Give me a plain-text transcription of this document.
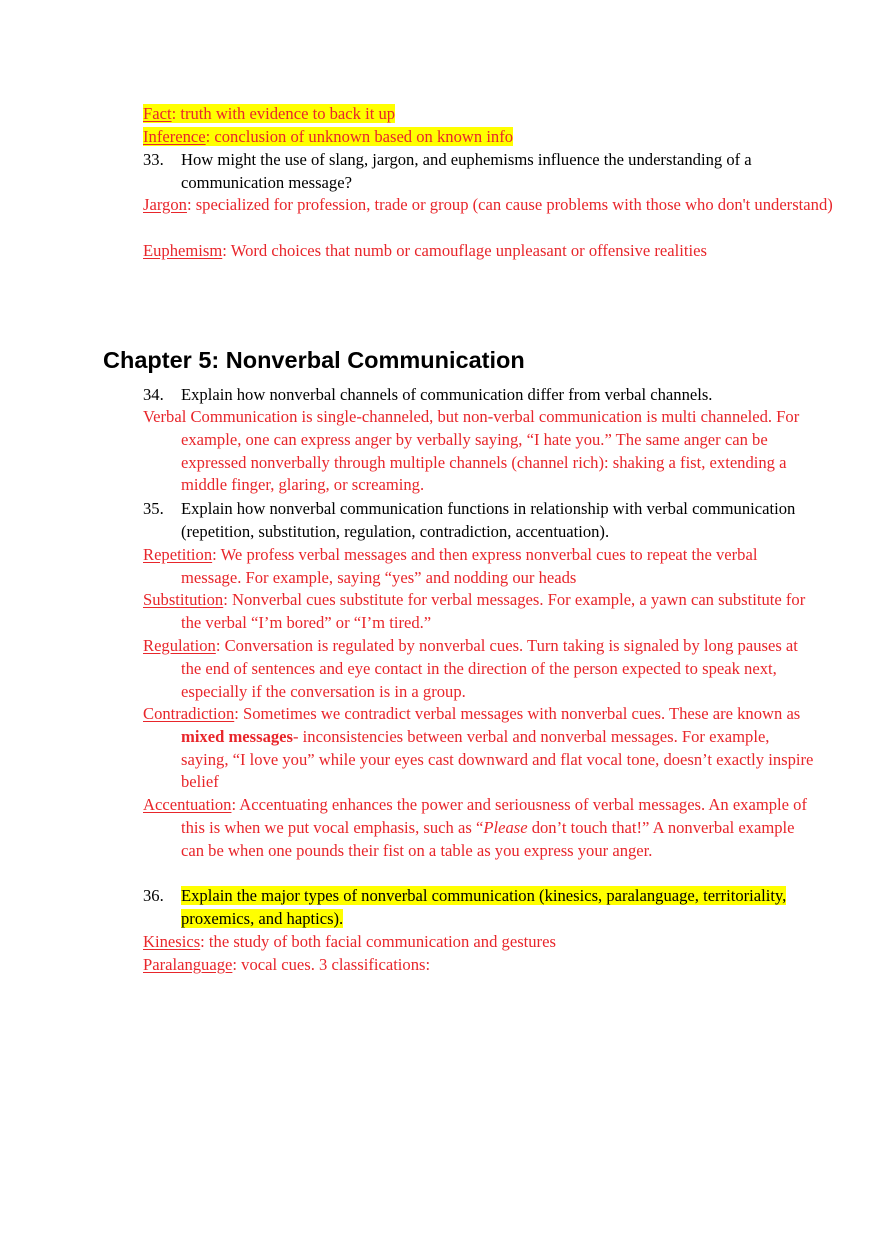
Fact: truth with evidence to back it up
Inference: conclusion of unknown based on known info
33. How might the use of slang, jargon, and euphemisms influence the understanding of a communication message?
Jargon: specialized for profession, trade or group (can cause problems with those who don't understand)
Euphemism: Word choices that numb or camouflage unpleasant or offensive realities
Chapter 5: Nonverbal Communication
34. Explain how nonverbal channels of communication differ from verbal channels.
Verbal Communication is single-channeled, but non-verbal communication is multi channeled. For example, one can express anger by verbally saying, “I hate you.” The same anger can be expressed nonverbally through multiple channels (channel rich): shaking a fist, extending a middle finger, glaring, or screaming.
35. Explain how nonverbal communication functions in relationship with verbal communication (repetition, substitution, regulation, contradiction, accentuation).
Repetition: We profess verbal messages and then express nonverbal cues to repeat the verbal message. For example, saying “yes” and nodding our heads
Substitution: Nonverbal cues substitute for verbal messages. For example, a yawn can substitute for the verbal “I’m bored” or “I’m tired.”
Regulation: Conversation is regulated by nonverbal cues. Turn taking is signaled by long pauses at the end of sentences and eye contact in the direction of the person expected to speak next, especially if the conversation is in a group.
Contradiction: Sometimes we contradict verbal messages with nonverbal cues. These are known as mixed messages- inconsistencies between verbal and nonverbal messages. For example, saying, “I love you” while your eyes cast downward and flat vocal tone, doesn’t exactly inspire belief
Accentuation: Accentuating enhances the power and seriousness of verbal messages. An example of this is when we put vocal emphasis, such as “Please don’t touch that!” A nonverbal example can be when one pounds their fist on a table as you express your anger.
36. Explain the major types of nonverbal communication (kinesics, paralanguage, territoriality, proxemics, and haptics).
Kinesics: the study of both facial communication and gestures
Paralanguage: vocal cues. 3 classifications:
